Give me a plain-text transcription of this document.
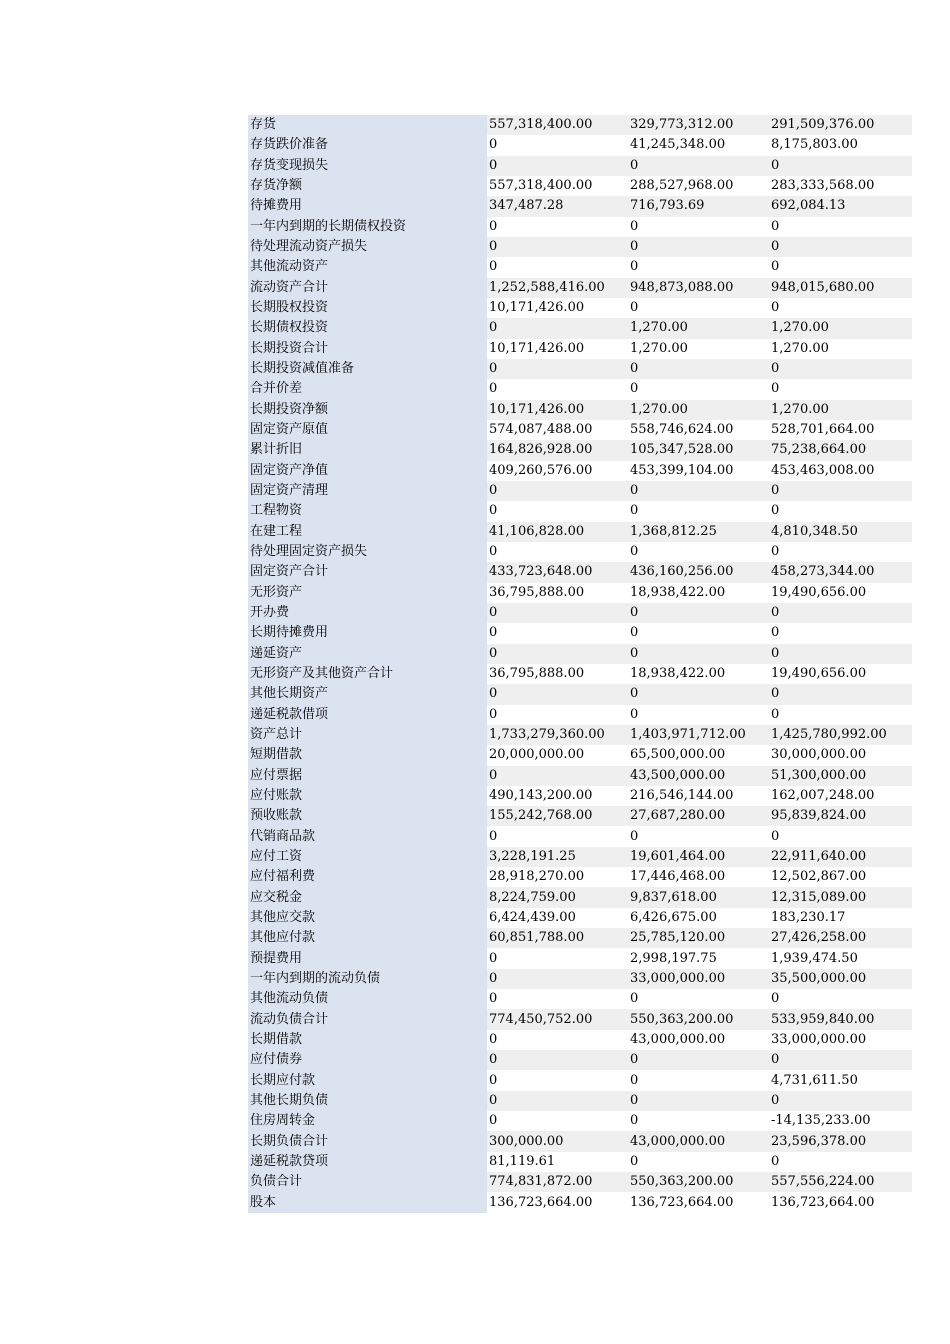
存货	557,318,400.00	329,773,312.00	291,509,376.00
存货跌价准备	0	41,245,348.00	8,175,803.00
存货变现损失	0	0	0
存货净额	557,318,400.00	288,527,968.00	283,333,568.00
待摊费用	347,487.28	716,793.69	692,084.13
一年内到期的长期债权投资	0	0	0
待处理流动资产损失	0	0	0
其他流动资产	0	0	0
流动资产合计	1,252,588,416.00	948,873,088.00	948,015,680.00
长期股权投资	10,171,426.00	0	0
长期债权投资	0	1,270.00	1,270.00
长期投资合计	10,171,426.00	1,270.00	1,270.00
长期投资减值准备	0	0	0
合并价差	0	0	0
长期投资净额	10,171,426.00	1,270.00	1,270.00
固定资产原值	574,087,488.00	558,746,624.00	528,701,664.00
累计折旧	164,826,928.00	105,347,528.00	75,238,664.00
固定资产净值	409,260,576.00	453,399,104.00	453,463,008.00
固定资产清理	0	0	0
工程物资	0	0	0
在建工程	41,106,828.00	1,368,812.25	4,810,348.50
待处理固定资产损失	0	0	0
固定资产合计	433,723,648.00	436,160,256.00	458,273,344.00
无形资产	36,795,888.00	18,938,422.00	19,490,656.00
开办费	0	0	0
长期待摊费用	0	0	0
递延资产	0	0	0
无形资产及其他资产合计	36,795,888.00	18,938,422.00	19,490,656.00
其他长期资产	0	0	0
递延税款借项	0	0	0
资产总计	1,733,279,360.00	1,403,971,712.00	1,425,780,992.00
短期借款	20,000,000.00	65,500,000.00	30,000,000.00
应付票据	0	43,500,000.00	51,300,000.00
应付账款	490,143,200.00	216,546,144.00	162,007,248.00
预收账款	155,242,768.00	27,687,280.00	95,839,824.00
代销商品款	0	0	0
应付工资	3,228,191.25	19,601,464.00	22,911,640.00
应付福利费	28,918,270.00	17,446,468.00	12,502,867.00
应交税金	8,224,759.00	9,837,618.00	12,315,089.00
其他应交款	6,424,439.00	6,426,675.00	183,230.17
其他应付款	60,851,788.00	25,785,120.00	27,426,258.00
预提费用	0	2,998,197.75	1,939,474.50
一年内到期的流动负债	0	33,000,000.00	35,500,000.00
其他流动负债	0	0	0
流动负债合计	774,450,752.00	550,363,200.00	533,959,840.00
长期借款	0	43,000,000.00	33,000,000.00
应付债券	0	0	0
长期应付款	0	0	4,731,611.50
其他长期负债	0	0	0
住房周转金	0	0	-14,135,233.00
长期负债合计	300,000.00	43,000,000.00	23,596,378.00
递延税款贷项	81,119.61	0	0
负债合计	774,831,872.00	550,363,200.00	557,556,224.00
股本	136,723,664.00	136,723,664.00	136,723,664.00
